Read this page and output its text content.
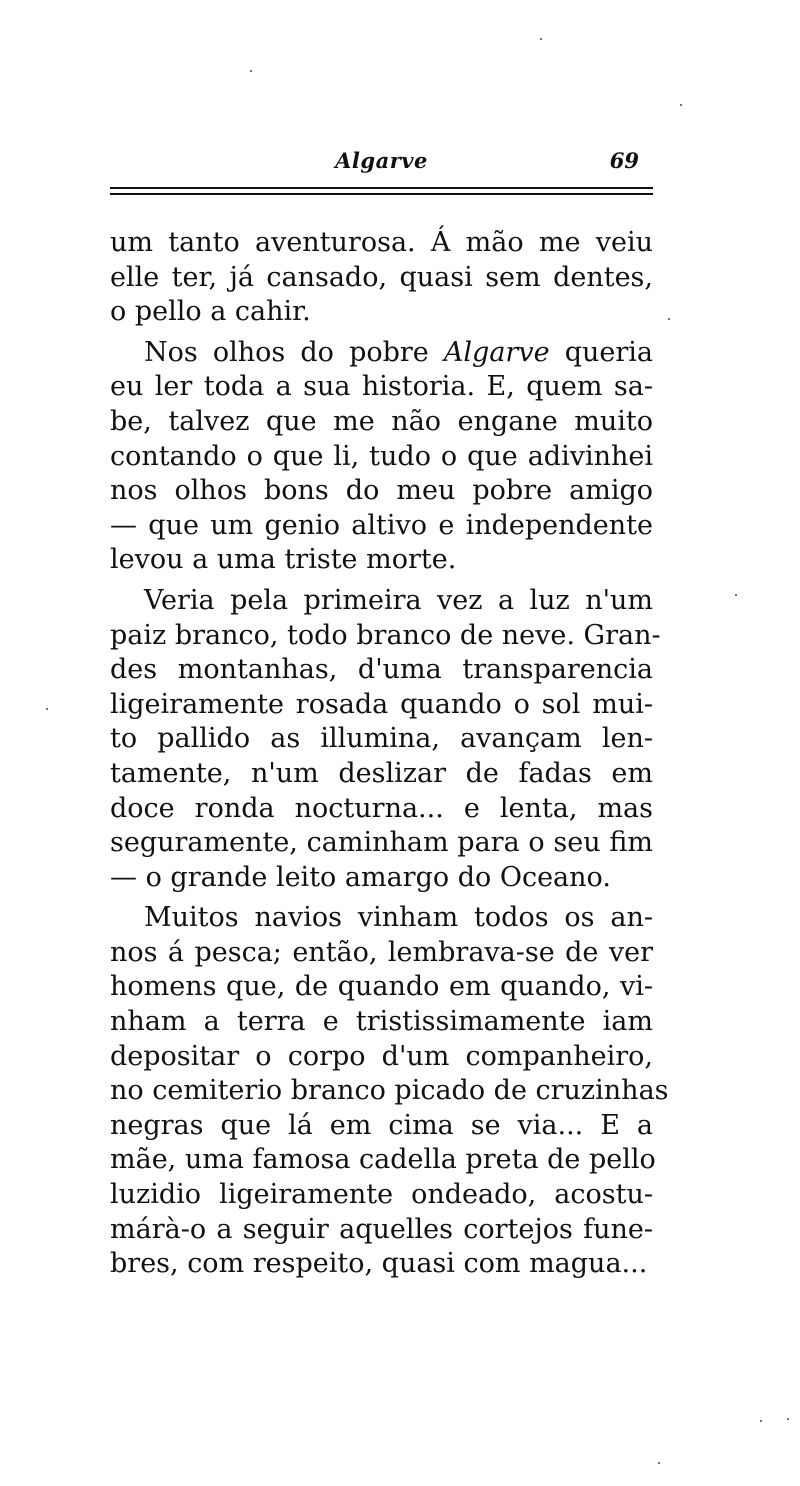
Algarve	69
um tanto aventurosa. Á mão me veiu
elle ter, já cansado, quasi sem dentes,
o pello a cahir.
Nos olhos do pobre Algarve queria
eu ler toda a sua historia. E, quem sa-
be, talvez que me não engane muito
contando o que li, tudo o que adivinhei
nos olhos bons do meu pobre amigo
— que um genio altivo e independente
levou a uma triste morte.
Veria pela primeira vez a luz n'um
paiz branco, todo branco de neve. Gran-
des montanhas, d'uma transparencia
ligeiramente rosada quando o sol mui-
to pallido as illumina, avançam len-
tamente, n'um deslizar de fadas em
doce ronda nocturna... e lenta, mas
seguramente, caminham para o seu fim
— o grande leito amargo do Oceano.
Muitos navios vinham todos os an-
nos á pesca; então, lembrava-se de ver
homens que, de quando em quando, vi-
nham a terra e tristissimamente iam
depositar o corpo d'um companheiro,
no cemiterio branco picado de cruzinhas
negras que lá em cima se via... E a
mãe, uma famosa cadella preta de pello
luzidio ligeiramente ondeado, acostu-
márà-o a seguir aquelles cortejos fune-
bres, com respeito, quasi com magua...
